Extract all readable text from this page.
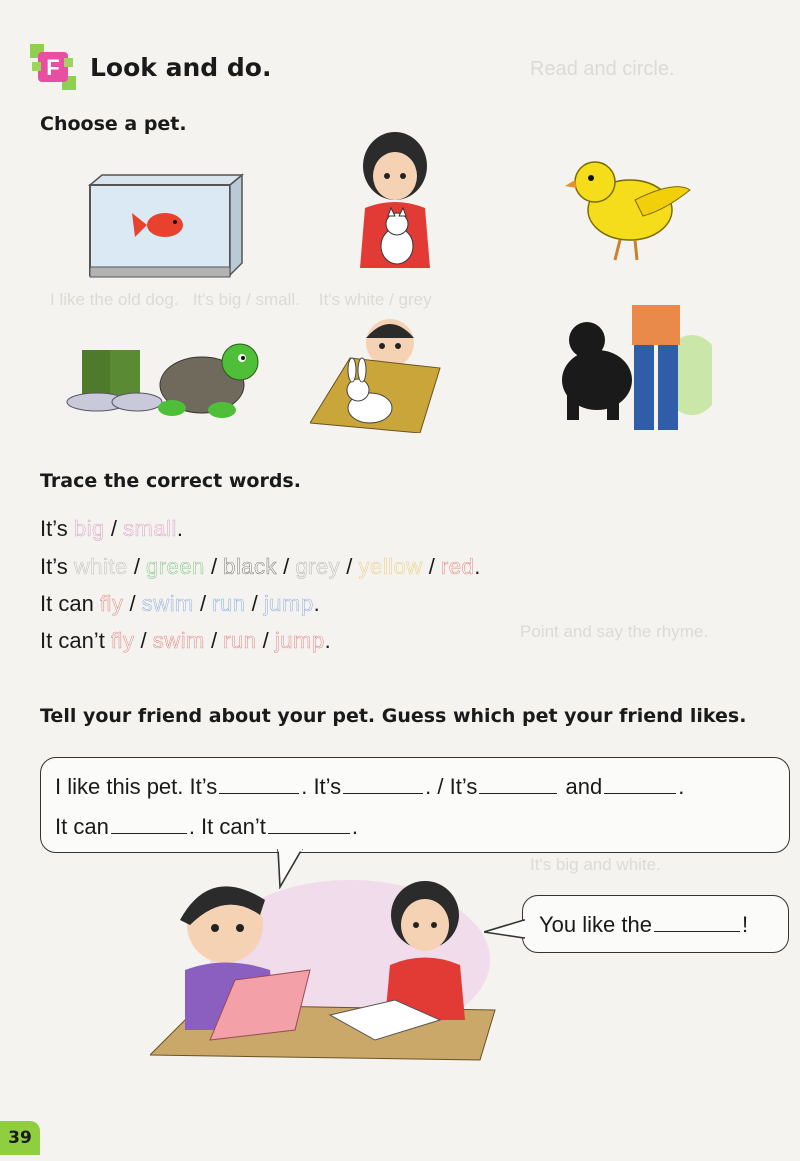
Read and circle.
I like the old dog.   It's big / small.    It's white / grey
Point and say the rhyme.
It's big and white.
F Look and do.
Choose a pet.
Trace the correct words.
It’s big / small.
It’s white / green / black / grey / yellow / red.
It can fly / swim / run / jump.
It can’t fly / swim / run / jump.
Tell your friend about your pet. Guess which pet your friend likes.
I like this pet. It’s	. It’s	. / It’s	and	.
It can	. It can’t	.
You like the	!
39
